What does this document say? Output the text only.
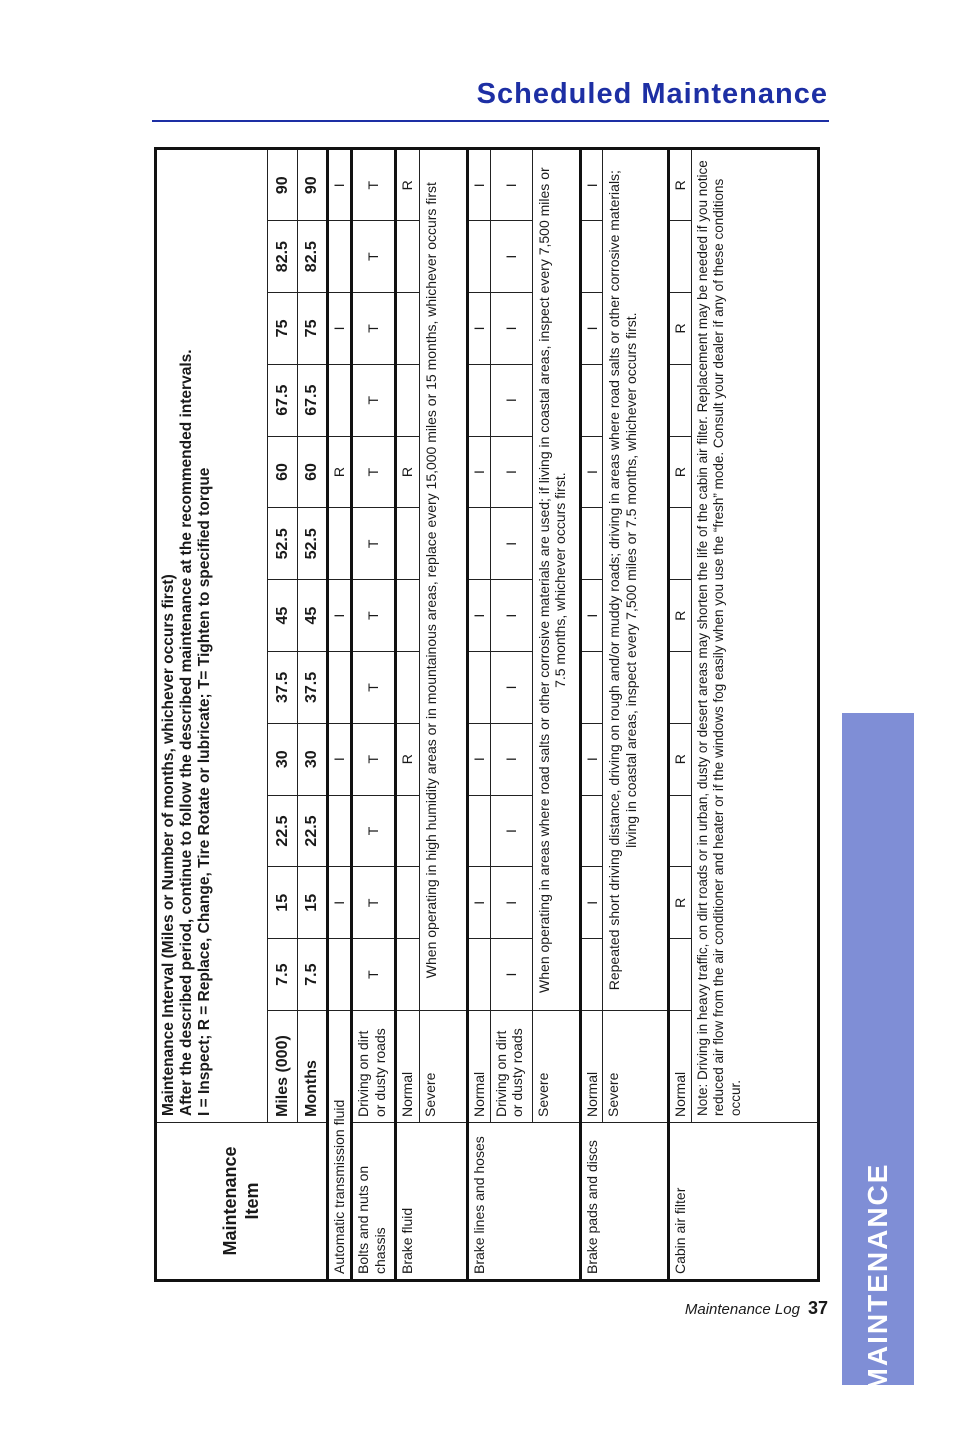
Scheduled Maintenance
Maintenance Item	Maintenance Interval (Miles or Number of months, whichever occurs first) After the described period, continue to follow the described maintenance at the recommended intervals. I = Inspect; R = Replace, Change, Tire Rotate or lubricate; T= Tighten to specified torque												

	Miles (000)	7.5	15	22.5	30	37.5	45	52.5	60	67.5	75	82.5	90
	Months	7.5	15	22.5	30	37.5	45	52.5	60	67.5	75	82.5	90
Automatic transmission fluid			I		I		I		R		I		I
Bolts and nuts on chassis	Driving on dirt or dusty roads	T	T	T	T	T	T	T	T	T	T	T	T
Brake fluid	Normal				R				R				R
	Severe	When operating in high humidity areas or in mountainous areas, replace every 15,000 miles or 15 months, whichever occurs first											
Brake lines and hoses	Normal		I		I		I		I		I		I
	Driving on dirt or dusty roads	I	I	I	I	I	I	I	I	I	I	I	I
	Severe	When operating in areas where road salts or other corrosive materials are used; if living in coastal areas, inspect every 7,500 miles or 7.5 months, whichever occurs first.											
Brake pads and discs	Normal		I		I		I		I		I		I
	Severe	Repeated short driving distance, driving on rough and/or muddy roads; driving in areas where road salts or other corrosive materials; living in coastal areas, inspect every 7,500 miles or 7.5 months, whichever occurs first.											
Cabin air filter	Normal		R		R		R		R		R		R
	Note: Driving in heavy traffic, on dirt roads or in urban, dusty or desert areas may shorten the life of the cabin air filter. Replacement may be needed if you notice reduced air flow from the air conditioner and heater or if the windows fog easily when you use the “fresh” mode. Consult your dealer if any of these conditions occur.												
MAINTENANCE
Maintenance Log 37
